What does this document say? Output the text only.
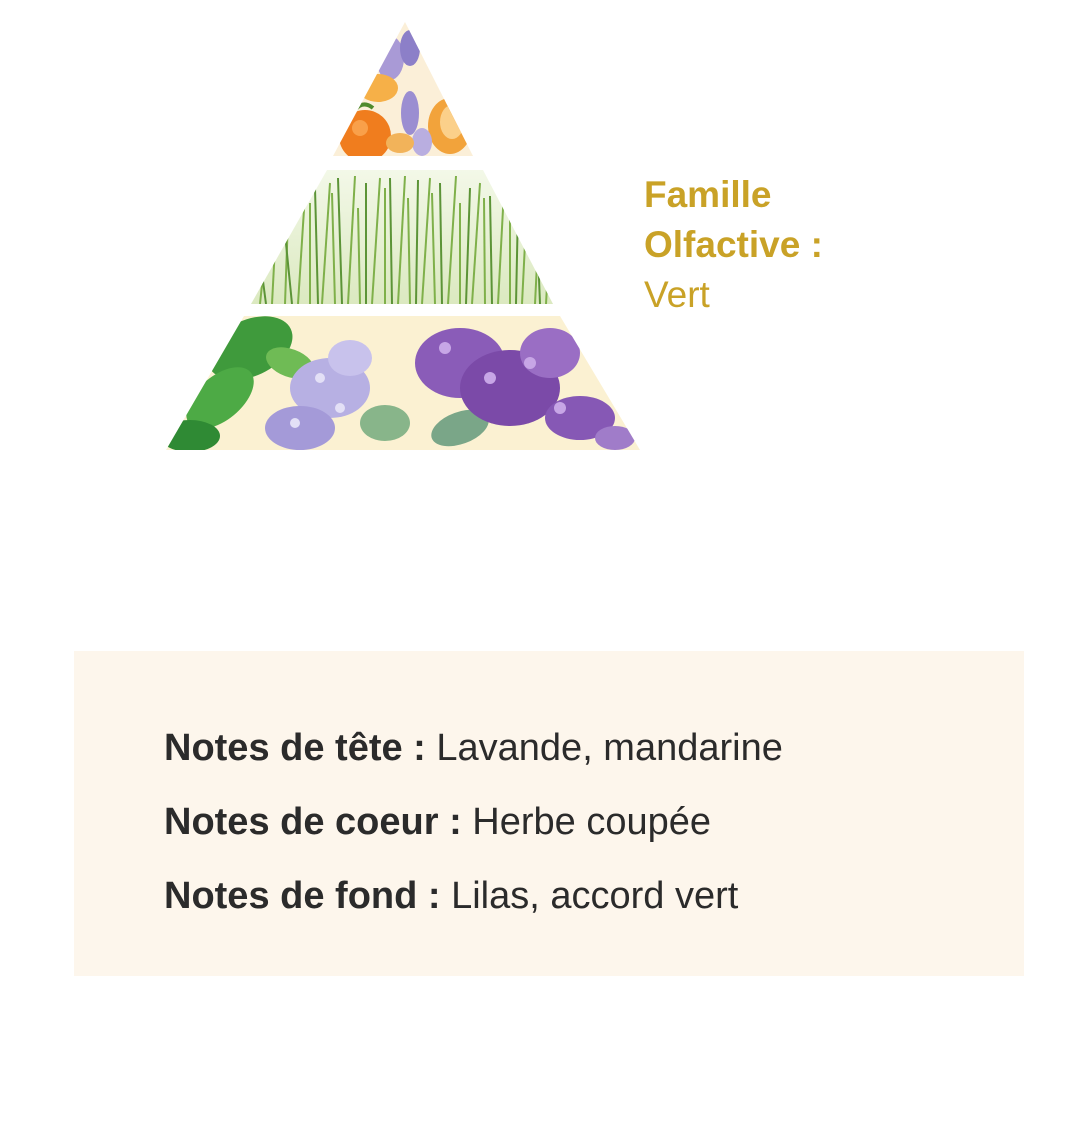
Famille Olfactive :
Vert
Notes de tête : Lavande, mandarine
Notes de coeur : Herbe coupée
Notes de fond : Lilas, accord vert
